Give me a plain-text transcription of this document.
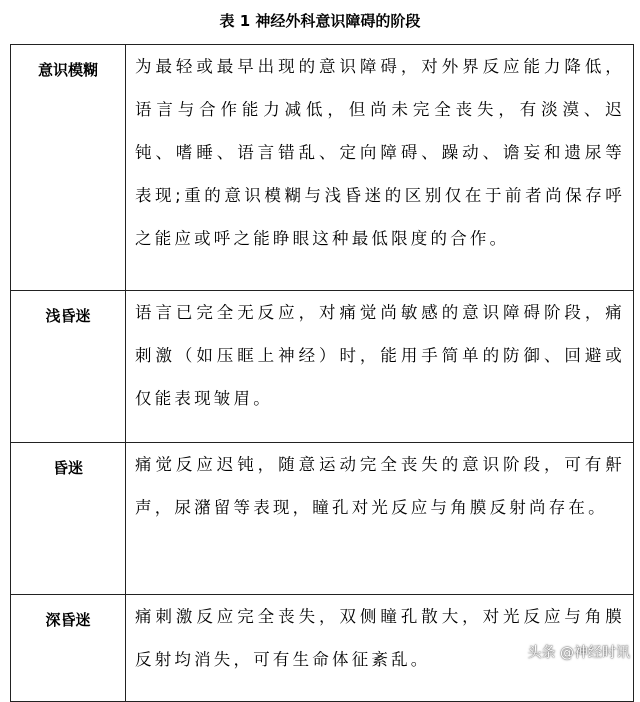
表 1 神经外科意识障碍的阶段
意识模糊	为最轻或最早出现的意识障碍，对外界反应能力降低，语言与合作能力减低，但尚未完全丧失，有淡漠、迟钝、嗜睡、语言错乱、定向障碍、躁动、谵妄和遗尿等表现;重的意识模糊与浅昏迷的区别仅在于前者尚保存呼之能应或呼之能睁眼这种最低限度的合作。
浅昏迷	语言已完全无反应，对痛觉尚敏感的意识障碍阶段，痛刺激（如压眶上神经）时，能用手简单的防御、回避或仅能表现皱眉。
昏迷	痛觉反应迟钝，随意运动完全丧失的意识阶段，可有鼾声，尿潴留等表现，瞳孔对光反应与角膜反射尚存在。
深昏迷	痛刺激反应完全丧失，双侧瞳孔散大，对光反应与角膜反射均消失，可有生命体征紊乱。	头条 @神经时讯
